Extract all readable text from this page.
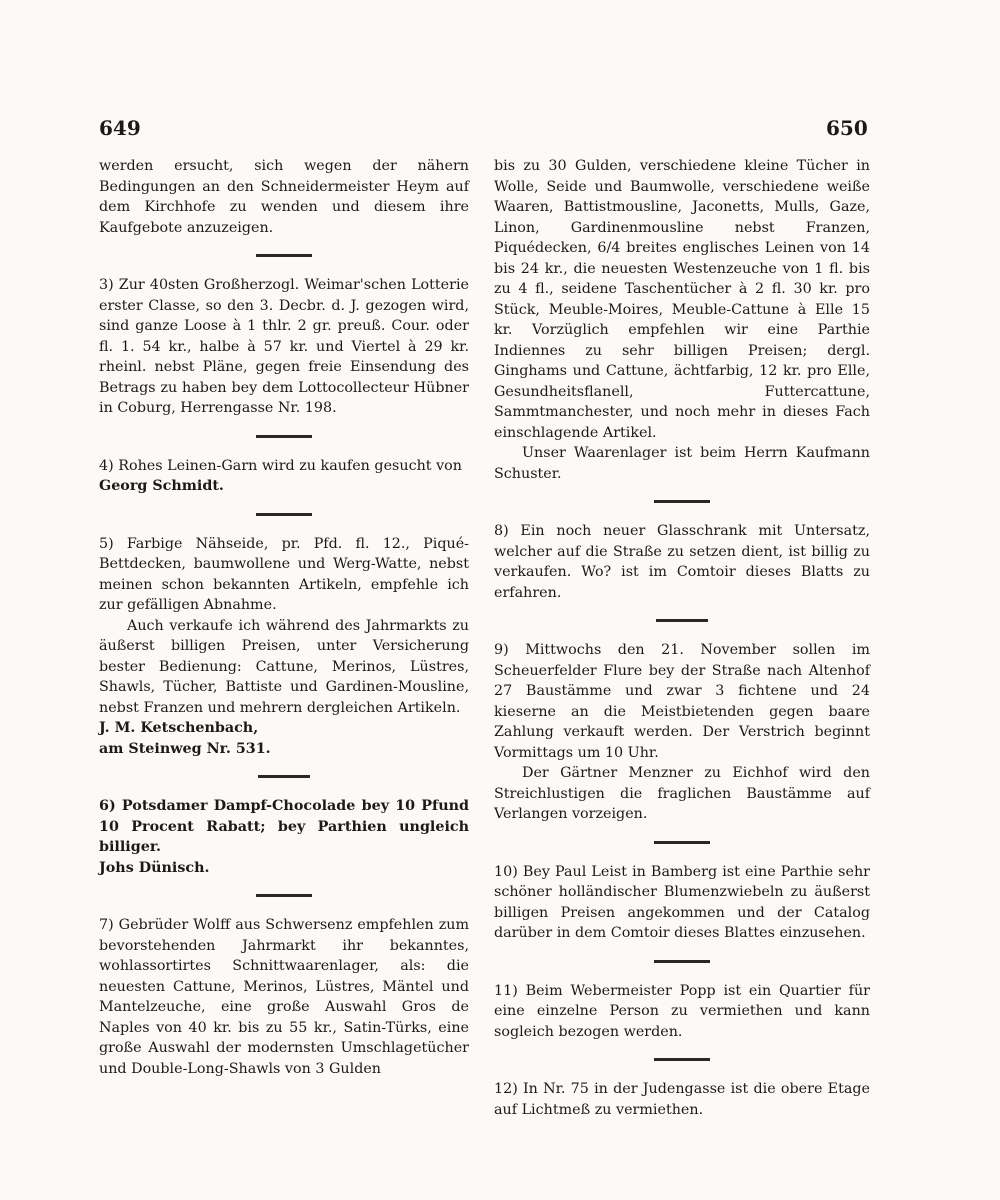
649	650

werden ersucht, sich wegen der nähern Bedingungen an den Schneidermeister Heym auf dem Kirchhofe zu wenden und diesem ihre Kaufgebote anzuzeigen.

3) Zur 40sten Großherzogl. Weimar'schen Lotterie erster Classe, so den 3. Decbr. d. J. gezogen wird, sind ganze Loose à 1 thlr. 2 gr. preuß. Cour. oder fl. 1. 54 kr., halbe à 57 kr. und Viertel à 29 kr. rheinl. nebst Pläne, gegen freie Einsendung des Betrags zu haben bey dem Lottocollecteur Hübner in Coburg, Herrengasse Nr. 198.

4) Rohes Leinen-Garn wird zu kaufen gesucht von

Georg Schmidt.

5) Farbige Nähseide, pr. Pfd. fl. 12., Piqué-Bettdecken, baumwollene und Werg-Watte, nebst meinen schon bekannten Artikeln, empfehle ich zur gefälligen Abnahme.

Auch verkaufe ich während des Jahrmarkts zu äußerst billigen Preisen, unter Versicherung bester Bedienung: Cattune, Merinos, Lüstres, Shawls, Tücher, Battiste und Gardinen-Mousline, nebst Franzen und mehrern dergleichen Artikeln.

J. M. Ketschenbach,

am Steinweg Nr. 531.

6) Potsdamer Dampf-Chocolade bey 10 Pfund 10 Procent Rabatt; bey Parthien ungleich billiger.

Johs Dünisch.

7) Gebrüder Wolff aus Schwersenz empfehlen zum bevorstehenden Jahrmarkt ihr bekanntes, wohlassortirtes Schnittwaarenlager, als: die neuesten Cattune, Merinos, Lüstres, Mäntel und Mantelzeuche, eine große Auswahl Gros de Naples von 40 kr. bis zu 55 kr., Satin-Türks, eine große Auswahl der modernsten Umschlagetücher und Double-Long-Shawls von 3 Gulden

bis zu 30 Gulden, verschiedene kleine Tücher in Wolle, Seide und Baumwolle, verschiedene weiße Waaren, Battistmousline, Jaconetts, Mulls, Gaze, Linon, Gardinenmousline nebst Franzen, Piquédecken, 6/4 breites englisches Leinen von 14 bis 24 kr., die neuesten Westenzeuche von 1 fl. bis zu 4 fl., seidene Taschentücher à 2 fl. 30 kr. pro Stück, Meuble-Moires, Meuble-Cattune à Elle 15 kr. Vorzüglich empfehlen wir eine Parthie Indiennes zu sehr billigen Preisen; dergl. Ginghams und Cattune, ächtfarbig, 12 kr. pro Elle, Gesundheitsflanell, Futtercattune, Sammtmanchester, und noch mehr in dieses Fach einschlagende Artikel.

Unser Waarenlager ist beim Herrn Kaufmann Schuster.

8) Ein noch neuer Glasschrank mit Untersatz, welcher auf die Straße zu setzen dient, ist billig zu verkaufen. Wo? ist im Comtoir dieses Blatts zu erfahren.

9) Mittwochs den 21. November sollen im Scheuerfelder Flure bey der Straße nach Altenhof 27 Baustämme und zwar 3 fichtene und 24 kieserne an die Meistbietenden gegen baare Zahlung verkauft werden. Der Verstrich beginnt Vormittags um 10 Uhr.

Der Gärtner Menzner zu Eichhof wird den Streichlustigen die fraglichen Baustämme auf Verlangen vorzeigen.

10) Bey Paul Leist in Bamberg ist eine Parthie sehr schöner holländischer Blumenzwiebeln zu äußerst billigen Preisen angekommen und der Catalog darüber in dem Comtoir dieses Blattes einzusehen.

11) Beim Webermeister Popp ist ein Quartier für eine einzelne Person zu vermiethen und kann sogleich bezogen werden.

12) In Nr. 75 in der Judengasse ist die obere Etage auf Lichtmeß zu vermiethen.
